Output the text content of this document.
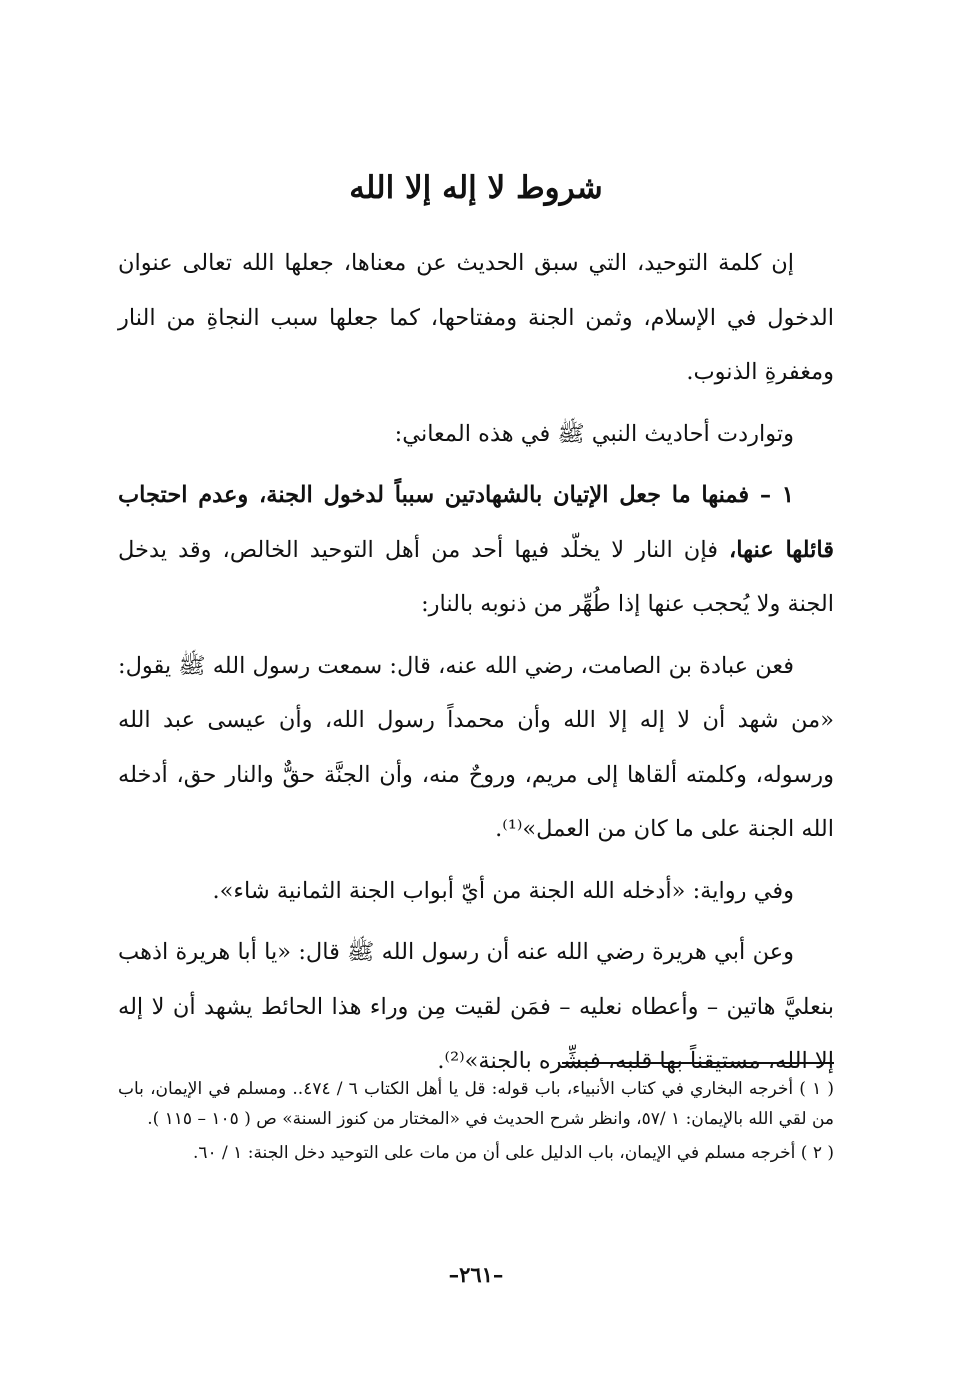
شروط لا إله إلا الله

إن كلمة التوحيد، التي سبق الحديث عن معناها، جعلها الله تعالى عنوان الدخول في الإسلام، وثمن الجنة ومفتاحها، كما جعلها سبب النجاةِ من النار ومغفرةِ الذنوب.

وتواردت أحاديث النبي ﷺ في هذه المعاني:

١ – فمنها ما جعل الإتيان بالشهادتين سبباً لدخول الجنة، وعدم احتجاب قائلها عنها، فإن النار لا يخلّد فيها أحد من أهل التوحيد الخالص، وقد يدخل الجنة ولا يُحجب عنها إذا طُهِّر من ذنوبه بالنار:

فعن عبادة بن الصامت، رضي الله عنه، قال: سمعت رسول الله ﷺ يقول: «من شهد أن لا إله إلا الله وأن محمداً رسول الله، وأن عيسى عبد الله ورسوله، وكلمته ألقاها إلى مريم، وروحٌ منه، وأن الجنَّة حقٌّ والنار حق، أدخله الله الجنة على ما كان من العمل»⁽¹⁾.

وفي رواية: «أدخله الله الجنة من أيّ أبواب الجنة الثمانية شاء».

وعن أبي هريرة رضي الله عنه أن رسول الله ﷺ قال: «يا أبا هريرة اذهب بنعليَّ هاتين – وأعطاه نعليه – فمَن لقيت مِن وراء هذا الحائط يشهد أن لا إله إلا الله، مستيقناً بها قلبه، فبشِّره بالجنة»⁽²⁾.

( ١ ) أخرجه البخاري في كتاب الأنبياء، باب قوله: قل يا أهل الكتاب ٦ / ٤٧٤.. ومسلم في الإيمان، باب من لقي الله بالإيمان: ١ /٥٧، وانظر شرح الحديث في «المختار من كنوز السنة» ص ( ١٠٥ – ١١٥ ).

( ٢ ) أخرجه مسلم في الإيمان، باب الدليل على أن من مات على التوحيد دخل الجنة: ١ / ٦٠.

–٢٦١–
